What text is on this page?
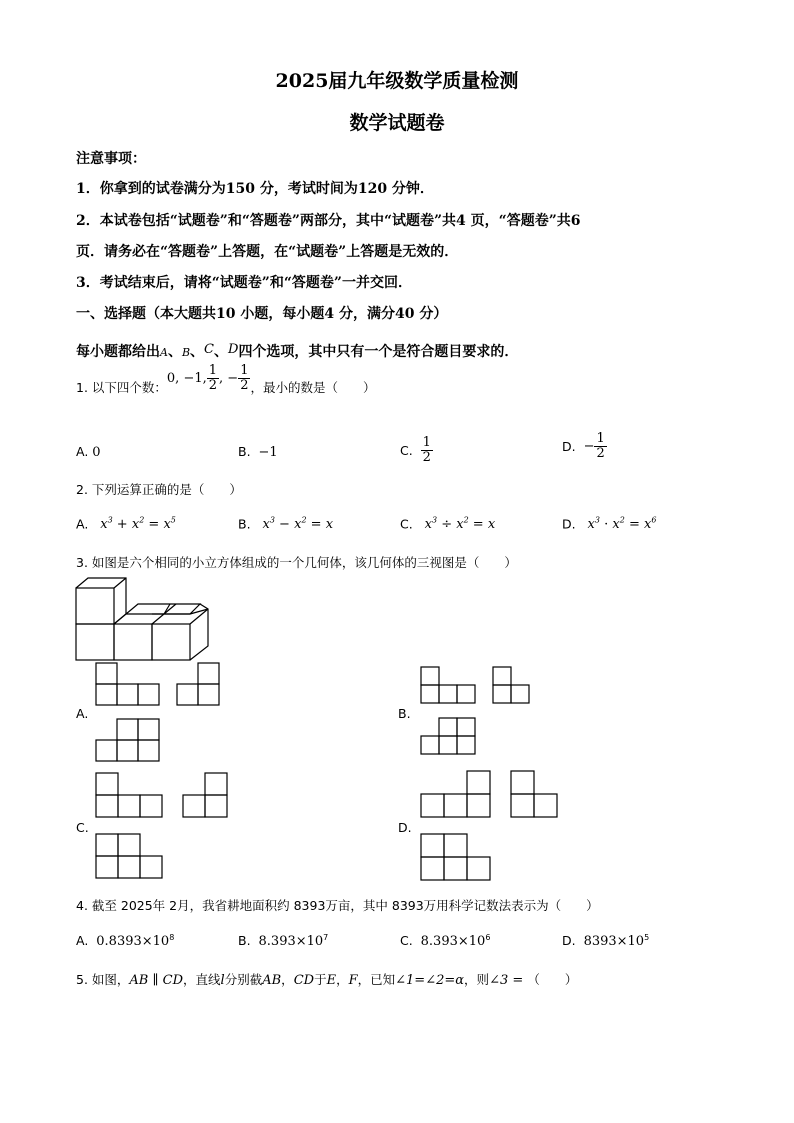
2025届九年级数学质量检测
数学试题卷
注意事项：
1．你拿到的试卷满分为150 分，考试时间为120 分钟．
2．本试卷包括“试题卷”和“答题卷”两部分，其中“试题卷”共4 页，“答题卷”共6
页．请务必在“答题卷”上答题，在“试题卷”上答题是无效的．
3．考试结束后，请将“试题卷”和“答题卷”一并交回．
一、选择题（本大题共10 小题，每小题4 分，满分40 分）
每小题都给出A、B、C、D四个选项，其中只有一个是符合题目要求的．
1. 以下四个数：
0, −1, $\frac{1}{2}$ , − $\frac{1}{2}$ ，最小的数是（　　）
A. 0	B. −1	C.
$\frac{1}{2}$	D.
− $\frac{1}{2}$
2. 下列运算正确的是（　　）
A. $x^3 + x^2 = x^5$	B. $x^3 - x^2 = x$	C. $x^3 \div x^2 = x$	D. $x^3 \cdot x^2 = x^6$
3. 如图是六个相同的小立方体组成的一个几何体，该几何体的三视图是（　　）
A.	B.
C.	D.
4. 截至 2025年 2月，我省耕地面积约 8393万亩，其中 8393万用科学记数法表示为（　　）
A. $0.8393\times 10^8$	B. $8.393\times 10^7$	C. $8.393\times 10^6$	D. $8393\times 10^5$
5. 如图，AB ∥ CD，直线l分别截AB，CD于E，F，已知∠1=∠2=α，则∠3 = （　　）
